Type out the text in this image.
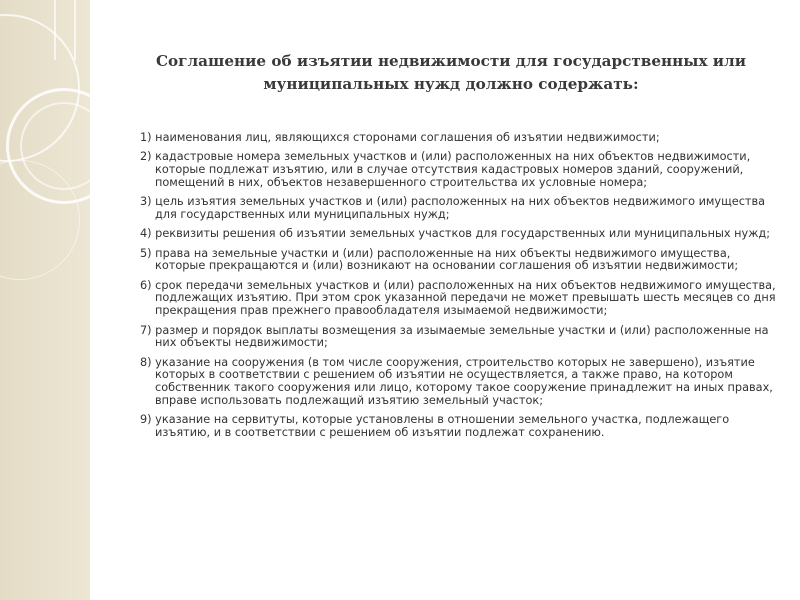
Соглашение об изъятии недвижимости для государственных или муниципальных нужд должно содержать:
1) наименования лиц, являющихся сторонами соглашения об изъятии недвижимости;
2) кадастровые номера земельных участков и (или) расположенных на них объектов недвижимости, которые подлежат изъятию, или в случае отсутствия кадастровых номеров зданий, сооружений, помещений в них, объектов незавершенного строительства их условные номера;
3) цель изъятия земельных участков и (или) расположенных на них объектов недвижимого имущества для государственных или муниципальных нужд;
4) реквизиты решения об изъятии земельных участков для государственных или муниципальных нужд;
5) права на земельные участки и (или) расположенные на них объекты недвижимого имущества, которые прекращаются и (или) возникают на основании соглашения об изъятии недвижимости;
6) срок передачи земельных участков и (или) расположенных на них объектов недвижимого имущества, подлежащих изъятию. При этом срок указанной передачи не может превышать шесть месяцев со дня прекращения прав прежнего правообладателя изымаемой недвижимости;
7) размер и порядок выплаты возмещения за изымаемые земельные участки и (или) расположенные на них объекты недвижимости;
8) указание на сооружения (в том числе сооружения, строительство которых не завершено), изъятие которых в соответствии с решением об изъятии не осуществляется, а также право, на котором собственник такого сооружения или лицо, которому такое сооружение принадлежит на иных правах, вправе использовать подлежащий изъятию земельный участок;
9) указание на сервитуты, которые установлены в отношении земельного участка, подлежащего изъятию, и в соответствии с решением об изъятии подлежат сохранению.
